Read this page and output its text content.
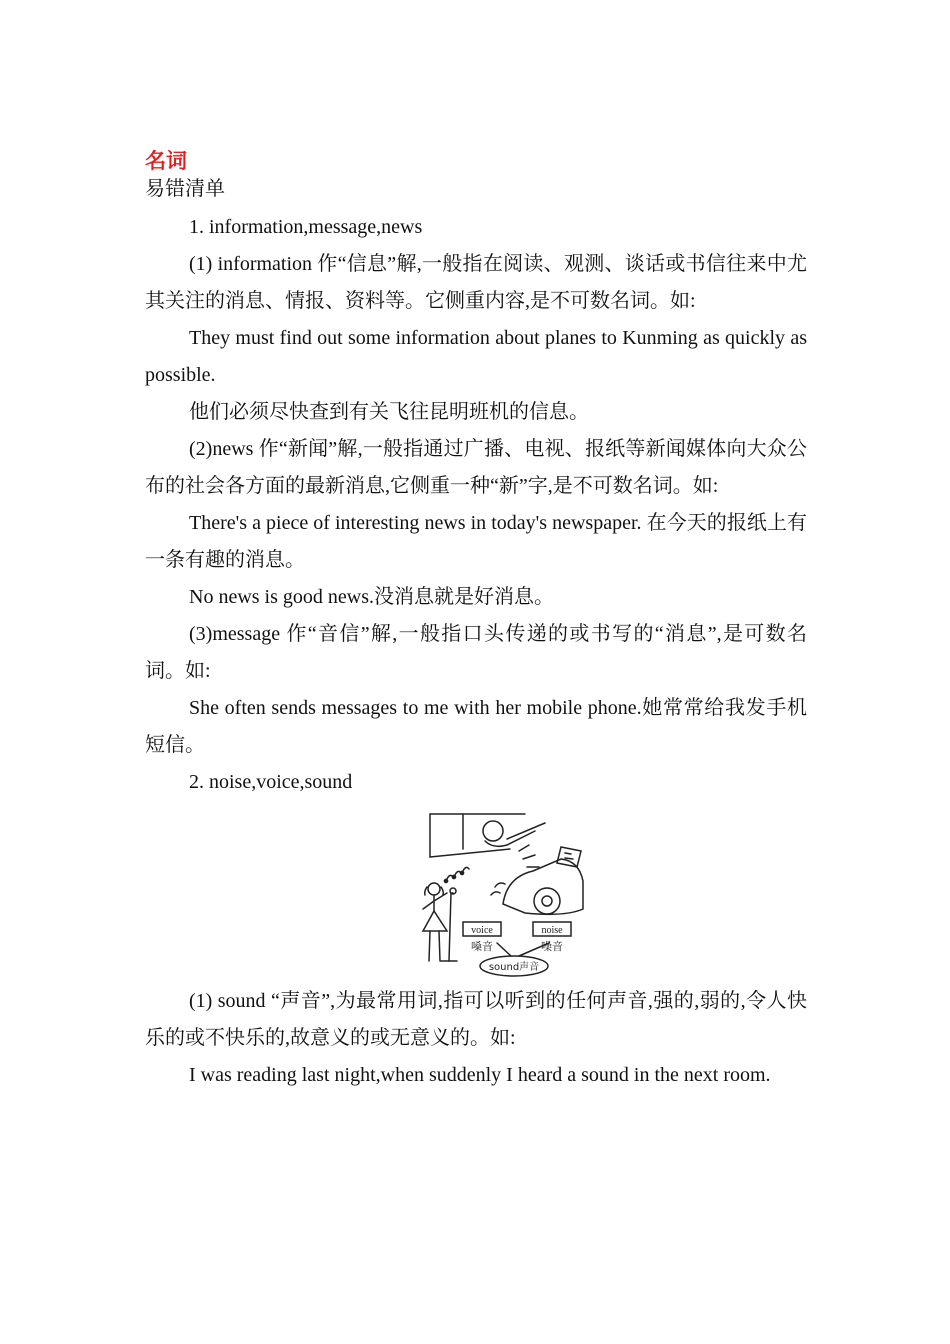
名词
易错清单

1. information,message,news

(1) information 作“信息”解,一般指在阅读、观测、谈话或书信往来中尤其关注的消息、情报、资料等。它侧重内容,是不可数名词。如:

They must find out some information about planes to Kunming as quickly as possible.

他们必须尽快查到有关飞往昆明班机的信息。

(2)news 作“新闻”解,一般指通过广播、电视、报纸等新闻媒体向大众公布的社会各方面的最新消息,它侧重一种“新”字,是不可数名词。如:

There's a piece of interesting news in today's newspaper. 在今天的报纸上有一条有趣的消息。

No news is good news.没消息就是好消息。

(3)message 作“音信”解,一般指口头传递的或书写的“消息”,是可数名词。如:

She often sends messages to me with her mobile phone.她常常给我发手机短信。

2. noise,voice,sound

voice
嗓音
noise
噪音
sound声音

(1) sound “声音”,为最常用词,指可以听到的任何声音,强的,弱的,令人快乐的或不快乐的,故意义的或无意义的。如:

I was reading last night,when suddenly I heard a sound in the next room.
